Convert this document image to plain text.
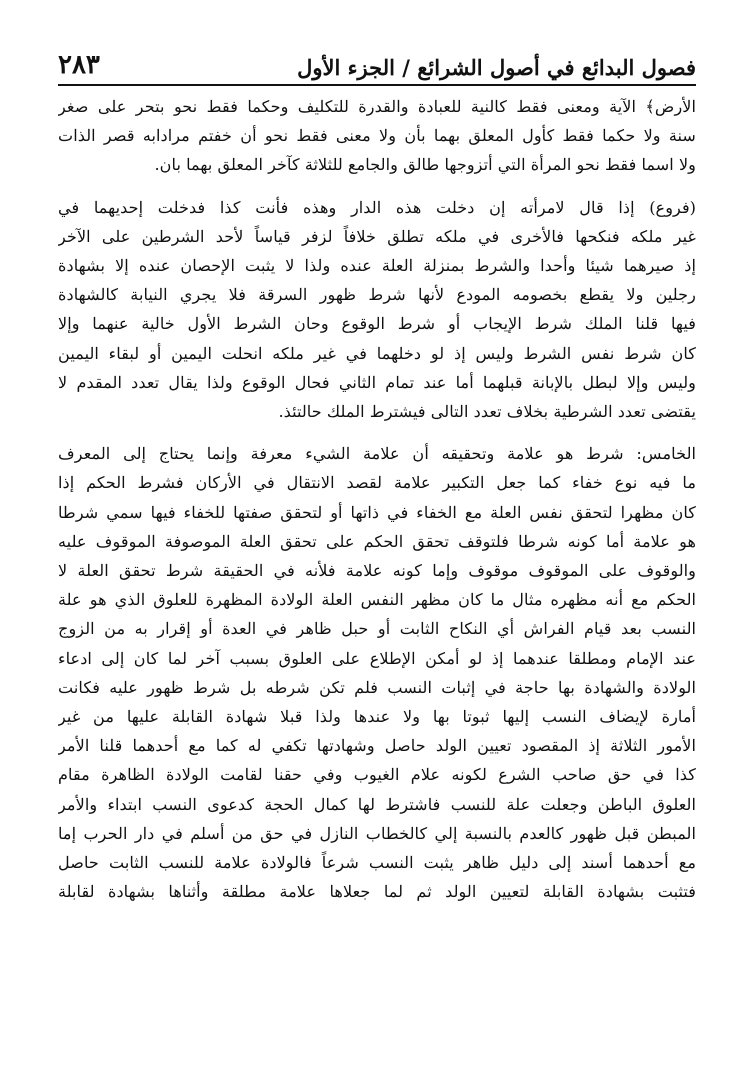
فصول البدائع في أصول الشرائع / الجزء الأول
٢٨٣
الأرض﴾ الآية ومعنى فقط كالنية للعبادة والقدرة للتكليف وحكما فقط نحو بتحر على صغر
سنة ولا حكما فقط كأول المعلق بهما بأن ولا معنى فقط نحو أن خفتم مرادابه قصر الذات
ولا اسما فقط نحو المرأة التي أتزوجها طالق والجامع للثلاثة كآخر المعلق بهما بان.
(فروع) إذا قال لامرأته إن دخلت هذه الدار وهذه فأنت كذا فدخلت إحديهما في
غير ملكه فنكحها فالأخرى في ملكه تطلق خلافاً لزفر قياساً لأحد الشرطين على الآخر
إذ صيرهما شيئا وأحدا والشرط بمنزلة العلة عنده ولذا لا يثبت الإحصان عنده إلا بشهادة
رجلين ولا يقطع بخصومه المودع لأنها شرط ظهور السرقة فلا يجري النيابة كالشهادة
فيها قلنا الملك شرط الإيجاب أو شرط الوقوع وحان الشرط الأول خالية عنهما وإلا
كان شرط نفس الشرط وليس إذ لو دخلهما في غير ملكه انحلت اليمين أو لبقاء اليمين
وليس وإلا لبطل بالإبانة قبلهما أما عند تمام الثاني فحال الوقوع ولذا يقال تعدد المقدم لا
يقتضى تعدد الشرطية بخلاف تعدد التالى فيشترط الملك حالتئذ.
الخامس: شرط هو علامة وتحقيقه أن علامة الشيء معرفة وإنما يحتاج إلى المعرف
ما فيه نوع خفاء كما جعل التكبير علامة لقصد الانتقال في الأركان فشرط الحكم إذا
كان مظهرا لتحقق نفس العلة مع الخفاء في ذاتها أو لتحقق صفتها للخفاء فيها سمي شرطا
هو علامة أما كونه شرطا فلتوقف تحقق الحكم على تحقق العلة الموصوفة الموقوف عليه
والوقوف على الموقوف موقوف وإما كونه علامة فلأنه في الحقيقة شرط تحقق العلة لا
الحكم مع أنه مظهره مثال ما كان مظهر النفس العلة الولادة المظهرة للعلوق الذي هو علة
النسب بعد قيام الفراش أي النكاح الثابت أو حبل ظاهر في العدة أو إقرار به من الزوج
عند الإمام ومطلقا عندهما إذ لو أمكن الإطلاع على العلوق بسبب آخر لما كان إلى ادعاء
الولادة والشهادة بها حاجة في إثبات النسب فلم تكن شرطه بل شرط ظهور عليه فكانت
أمارة لإيضاف النسب إليها ثبوتا بها ولا عندها ولذا قبلا شهادة القابلة عليها من غير
الأمور الثلاثة إذ المقصود تعيين الولد حاصل وشهادتها تكفي له كما مع أحدهما قلنا الأمر
كذا في حق صاحب الشرع لكونه علام الغيوب وفي حقنا لقامت الولادة الظاهرة مقام
العلوق الباطن وجعلت علة للنسب فاشترط لها كمال الحجة كدعوى النسب ابتداء والأمر
المبطن قبل ظهور كالعدم بالنسبة إلي كالخطاب النازل في حق من أسلم في دار الحرب إما
مع أحدهما أسند إلى دليل ظاهر يثبت النسب شرعاً فالولادة علامة للنسب الثابت حاصل
فتثبت بشهادة القابلة لتعيين الولد ثم لما جعلاها علامة مطلقة وأثناها بشهادة لقابلة
